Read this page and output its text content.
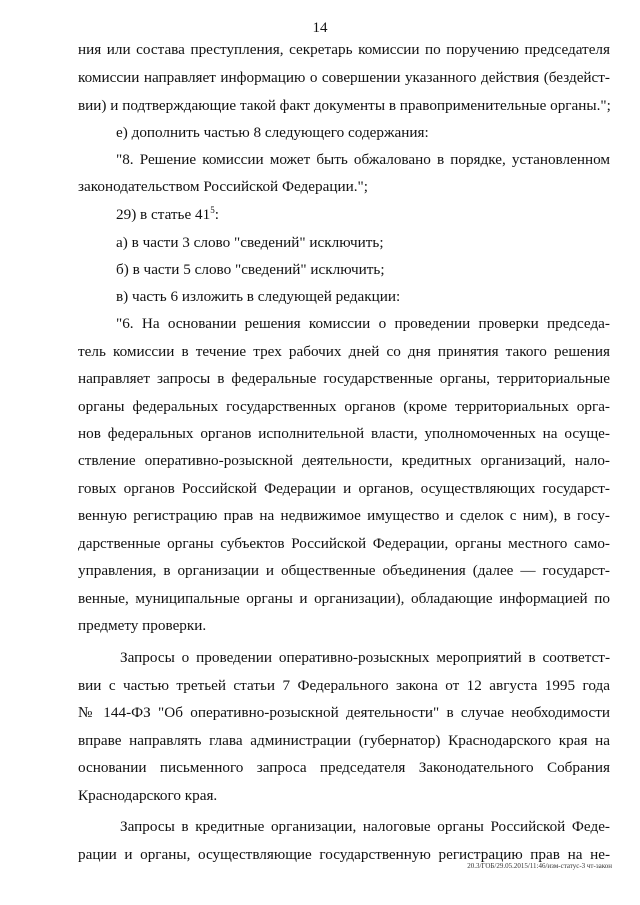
14
ния или состава преступления, секретарь комиссии по поручению председателя
комиссии направляет информацию о совершении указанного действия (бездейст-
вии) и подтверждающие такой факт документы в правоприменительные органы.";
е) дополнить частью 8 следующего содержания:
"8. Решение комиссии может быть обжаловано в порядке, установленном
законодательством Российской Федерации.";
29) в статье $41^5$:
а) в части 3 слово "сведений" исключить;
б) в части 5 слово "сведений" исключить;
в) часть 6 изложить в следующей редакции:
"6. На основании решения комиссии о проведении проверки председа-
тель комиссии в течение трех рабочих дней со дня принятия такого решения
направляет запросы в федеральные государственные органы, территориальные
органы федеральных государственных органов (кроме территориальных орга-
нов федеральных органов исполнительной власти, уполномоченных на осуще-
ствление оперативно-розыскной деятельности, кредитных организаций, нало-
говых органов Российской Федерации и органов, осуществляющих государст-
венную регистрацию прав на недвижимое имущество и сделок с ним), в госу-
дарственные органы субъектов Российской Федерации, органы местного само-
управления, в организации и общественные объединения (далее — государст-
венные, муниципальные органы и организации), обладающие информацией по
предмету проверки.
Запросы о проведении оперативно-розыскных мероприятий в соответст-
вии с частью третьей статьи 7 Федерального закона от 12 августа 1995 года
№ 144-ФЗ "Об оперативно-розыскной деятельности" в случае необходимости
вправе направлять глава администрации (губернатор) Краснодарского края на
основании письменного запроса председателя Законодательного Собрания
Краснодарского края.
Запросы в кредитные организации, налоговые органы Российской Феде-
рации и органы, осуществляющие государственную регистрацию прав на не-
20.3/ГОБ/29.05.2015/11:46/изм-статус-3 чт-закон
